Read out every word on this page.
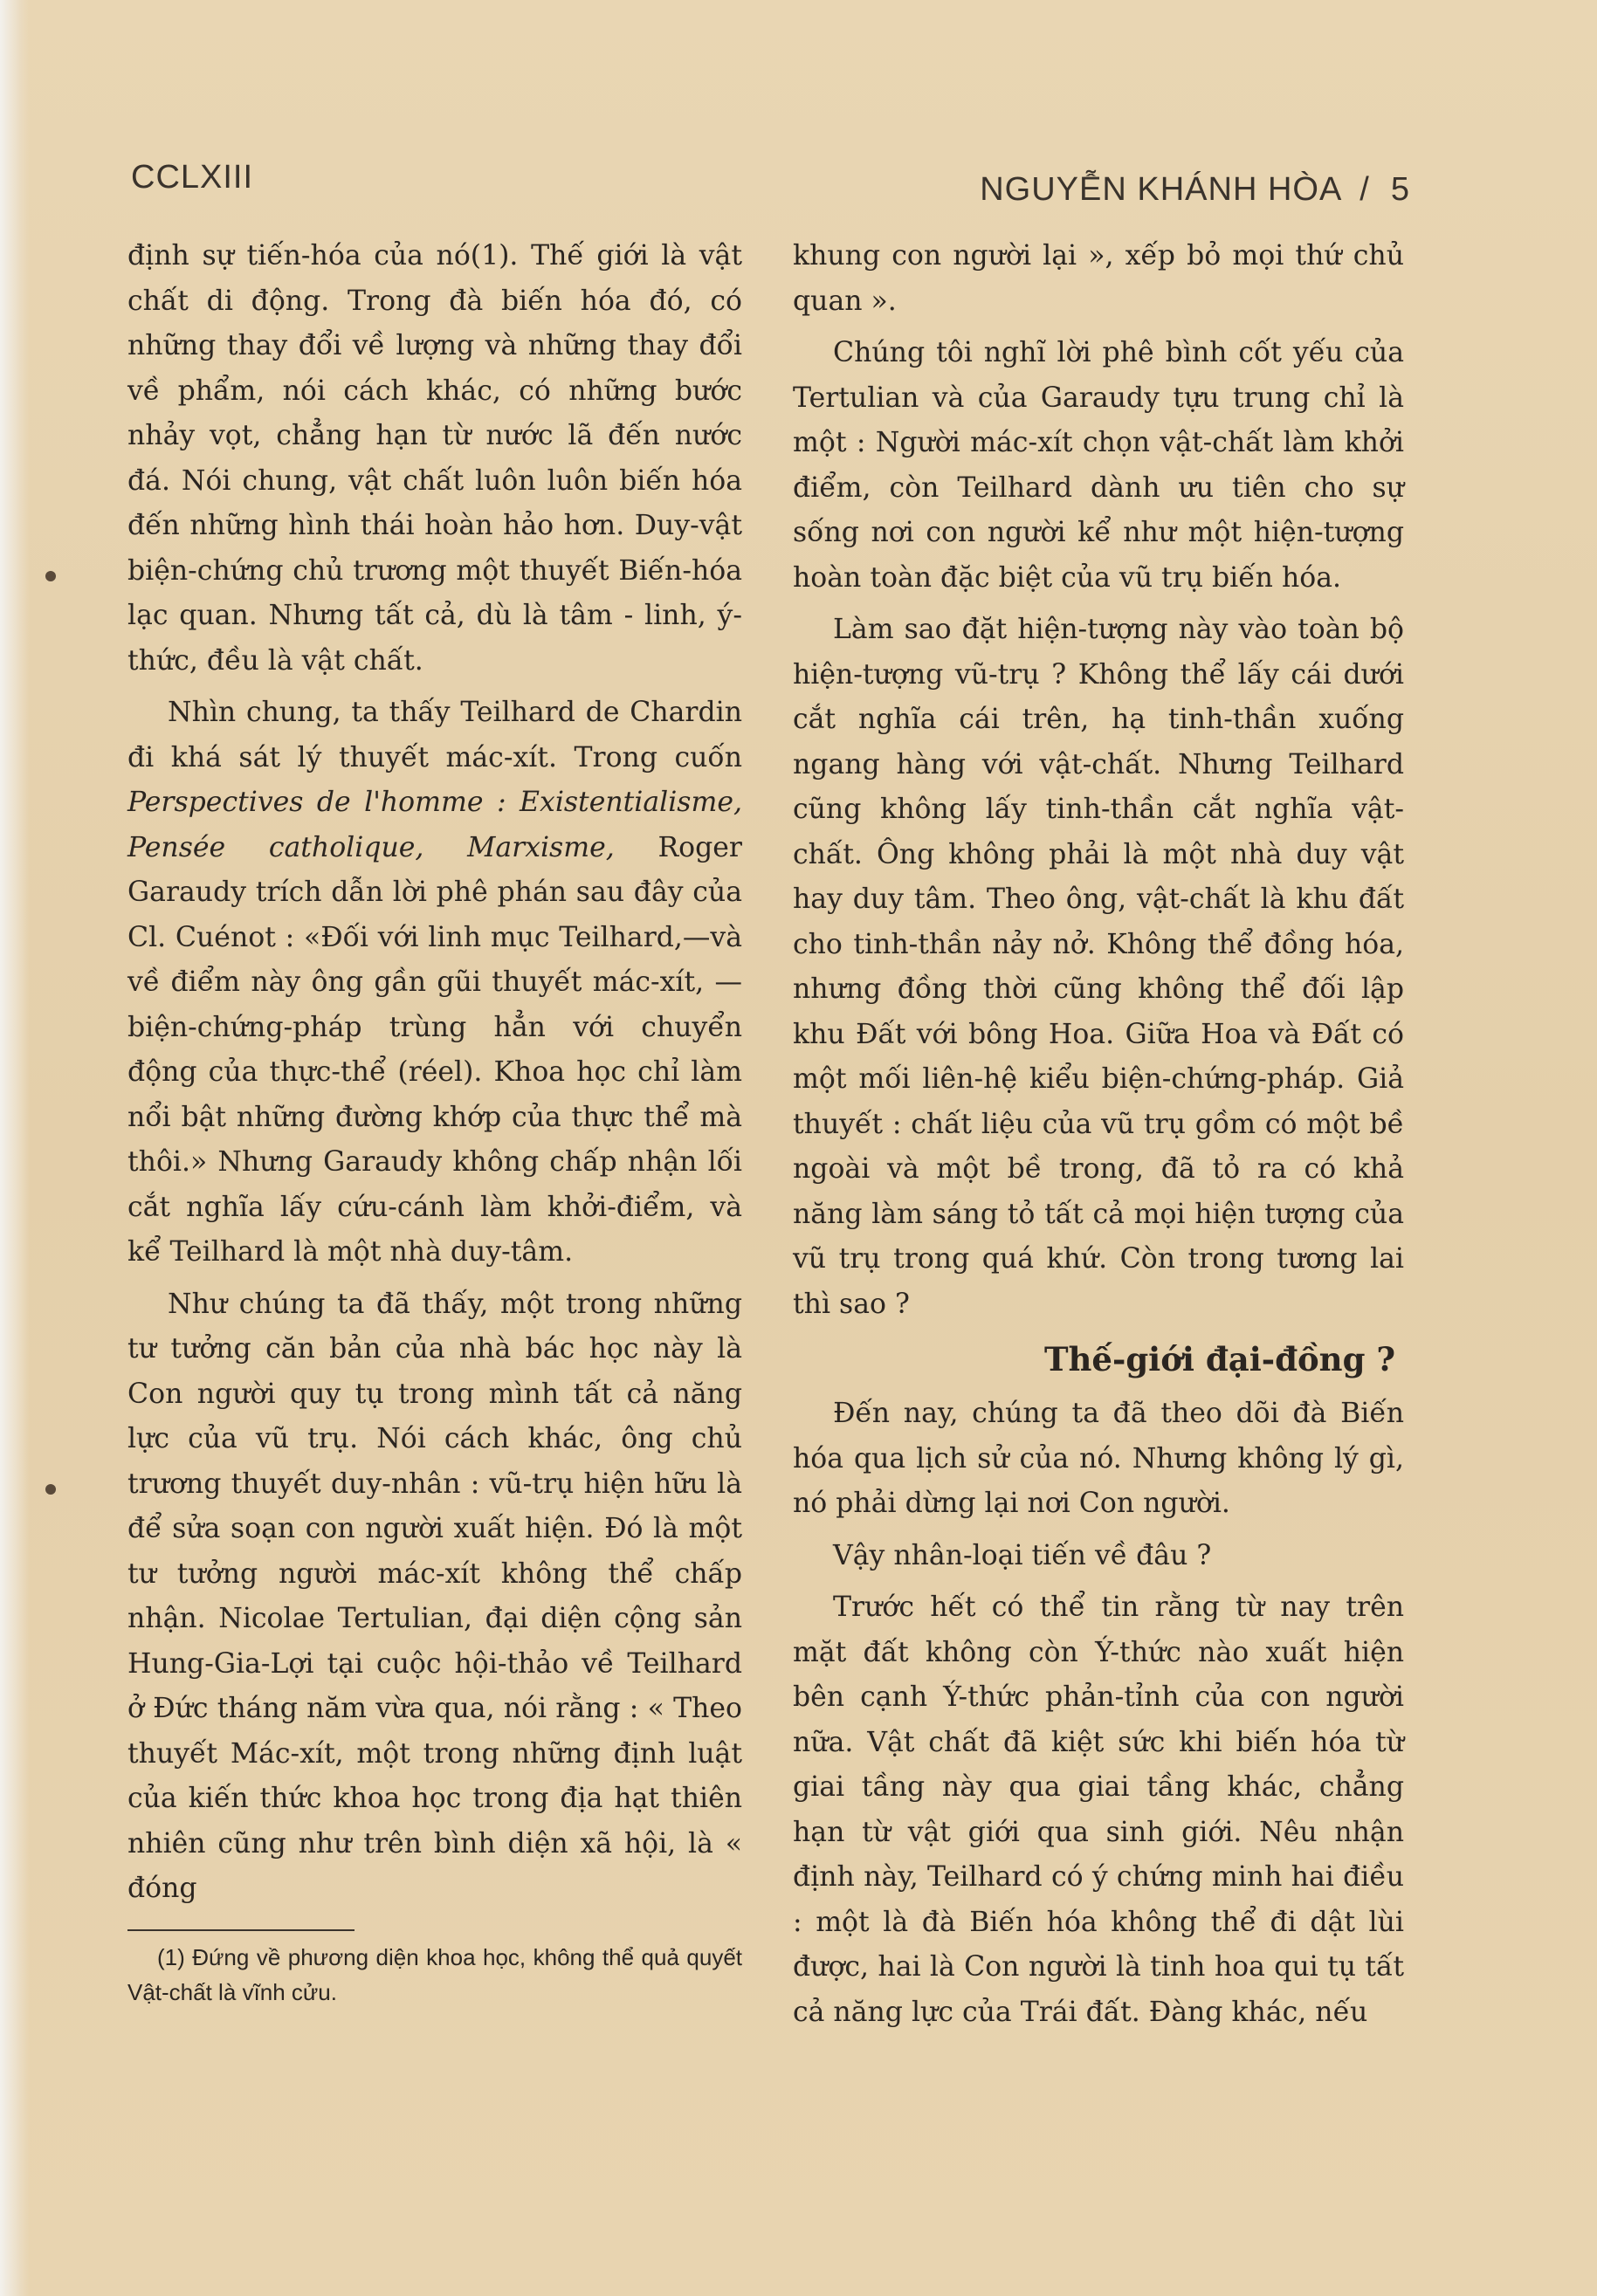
CCLXIII	NGUYỄN KHÁNH HÒA / 5

định sự tiến-hóa của nó(1). Thế giới là vật chất di động. Trong đà biến hóa đó, có những thay đổi về lượng và những thay đổi về phẩm, nói cách khác, có những bước nhảy vọt, chẳng hạn từ nước lã đến nước đá. Nói chung, vật chất luôn luôn biến hóa đến những hình thái hoàn hảo hơn. Duy-vật biện-chứng chủ trương một thuyết Biến-hóa lạc quan. Nhưng tất cả, dù là tâm - linh, ý-thức, đều là vật chất.

Nhìn chung, ta thấy Teilhard de Chardin đi khá sát lý thuyết mác-xít. Trong cuốn Perspectives de l'homme : Existentialisme, Pensée catholique, Marxisme, Roger Garaudy trích dẫn lời phê phán sau đây của Cl. Cuénot : «Đối với linh mục Teilhard,—và về điểm này ông gần gũi thuyết mác-xít, — biện-chứng-pháp trùng hẳn với chuyển động của thực-thể (réel). Khoa học chỉ làm nổi bật những đường khớp của thực thể mà thôi.» Nhưng Garaudy không chấp nhận lối cắt nghĩa lấy cứu-cánh làm khởi-điểm, và kể Teilhard là một nhà duy-tâm.

Như chúng ta đã thấy, một trong những tư tưởng căn bản của nhà bác học này là Con người quy tụ trong mình tất cả năng lực của vũ trụ. Nói cách khác, ông chủ trương thuyết duy-nhân : vũ-trụ hiện hữu là để sửa soạn con người xuất hiện. Đó là một tư tưởng người mác-xít không thể chấp nhận. Nicolae Tertulian, đại diện cộng sản Hung-Gia-Lợi tại cuộc hội-thảo về Teilhard ở Đức tháng năm vừa qua, nói rằng : « Theo thuyết Mác-xít, một trong những định luật của kiến thức khoa học trong địa hạt thiên nhiên cũng như trên bình diện xã hội, là « đóng

(1) Đứng về phương diện khoa học, không thể quả quyết Vật-chất là vĩnh cửu.

khung con người lại », xếp bỏ mọi thứ chủ quan ».

Chúng tôi nghĩ lời phê bình cốt yếu của Tertulian và của Garaudy tựu trung chỉ là một : Người mác-xít chọn vật-chất làm khởi điểm, còn Teilhard dành ưu tiên cho sự sống nơi con người kể như một hiện-tượng hoàn toàn đặc biệt của vũ trụ biến hóa.

Làm sao đặt hiện-tượng này vào toàn bộ hiện-tượng vũ-trụ ? Không thể lấy cái dưới cắt nghĩa cái trên, hạ tinh-thần xuống ngang hàng với vật-chất. Nhưng Teilhard cũng không lấy tinh-thần cắt nghĩa vật-chất. Ông không phải là một nhà duy vật hay duy tâm. Theo ông, vật-chất là khu đất cho tinh-thần nảy nở. Không thể đồng hóa, nhưng đồng thời cũng không thể đối lập khu Đất với bông Hoa. Giữa Hoa và Đất có một mối liên-hệ kiểu biện-chứng-pháp. Giả thuyết : chất liệu của vũ trụ gồm có một bề ngoài và một bề trong, đã tỏ ra có khả năng làm sáng tỏ tất cả mọi hiện tượng của vũ trụ trong quá khứ. Còn trong tương lai thì sao ?

Thế-giới đại-đồng ?

Đến nay, chúng ta đã theo dõi đà Biến hóa qua lịch sử của nó. Nhưng không lý gì, nó phải dừng lại nơi Con người.

Vậy nhân-loại tiến về đâu ?

Trước hết có thể tin rằng từ nay trên mặt đất không còn Ý-thức nào xuất hiện bên cạnh Ý-thức phản-tỉnh của con người nữa. Vật chất đã kiệt sức khi biến hóa từ giai tầng này qua giai tầng khác, chẳng hạn từ vật giới qua sinh giới. Nêu nhận định này, Teilhard có ý chứng minh hai điều : một là đà Biến hóa không thể đi dật lùi được, hai là Con người là tinh hoa qui tụ tất cả năng lực của Trái đất. Đàng khác, nếu
